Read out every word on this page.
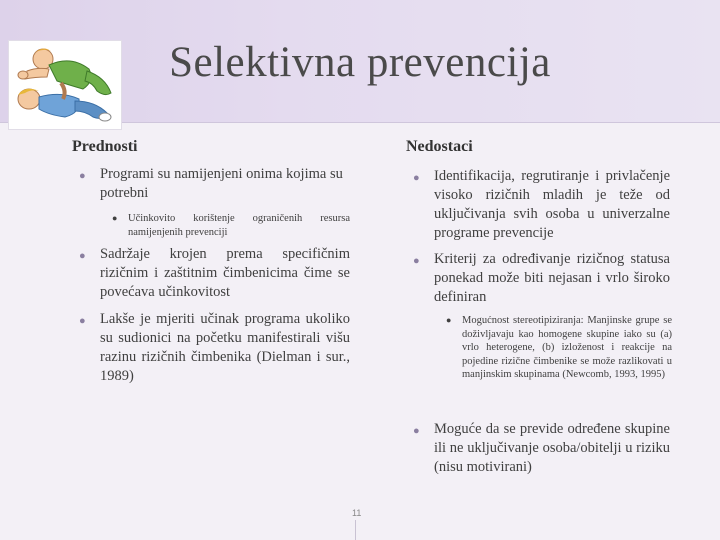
Selektivna prevencija
Prednosti
● Programi su namijenjeni onima kojima su potrebni
● Učinkovito korištenje ograničenih resursa namijenjenih prevenciji
● Sadržaje krojen prema specifičnim rizičnim i zaštitnim čimbenicima čime se povećava učinkovitost
● Lakše je mjeriti učinak programa ukoliko su sudionici na početku manifestirali višu razinu rizičnih čimbenika (Dielman i sur., 1989)
Nedostaci
● Identifikacija, regrutiranje i privlačenje visoko rizičnih mladih je teže od uključivanja svih osoba u univerzalne programe prevencije
● Kriterij za određivanje rizičnog statusa ponekad može biti nejasan i vrlo široko definiran
● Mogućnost stereotipiziranja: Manjinske grupe se doživljavaju kao homogene skupine iako su (a) vrlo heterogene, (b) izloženost i reakcije na pojedine rizične čimbenike se može razlikovati u manjinskim skupinama (Newcomb, 1993, 1995)
● Moguće da se previde određene skupine ili ne uključivanje osoba/obitelji u riziku (nisu motivirani)
11
